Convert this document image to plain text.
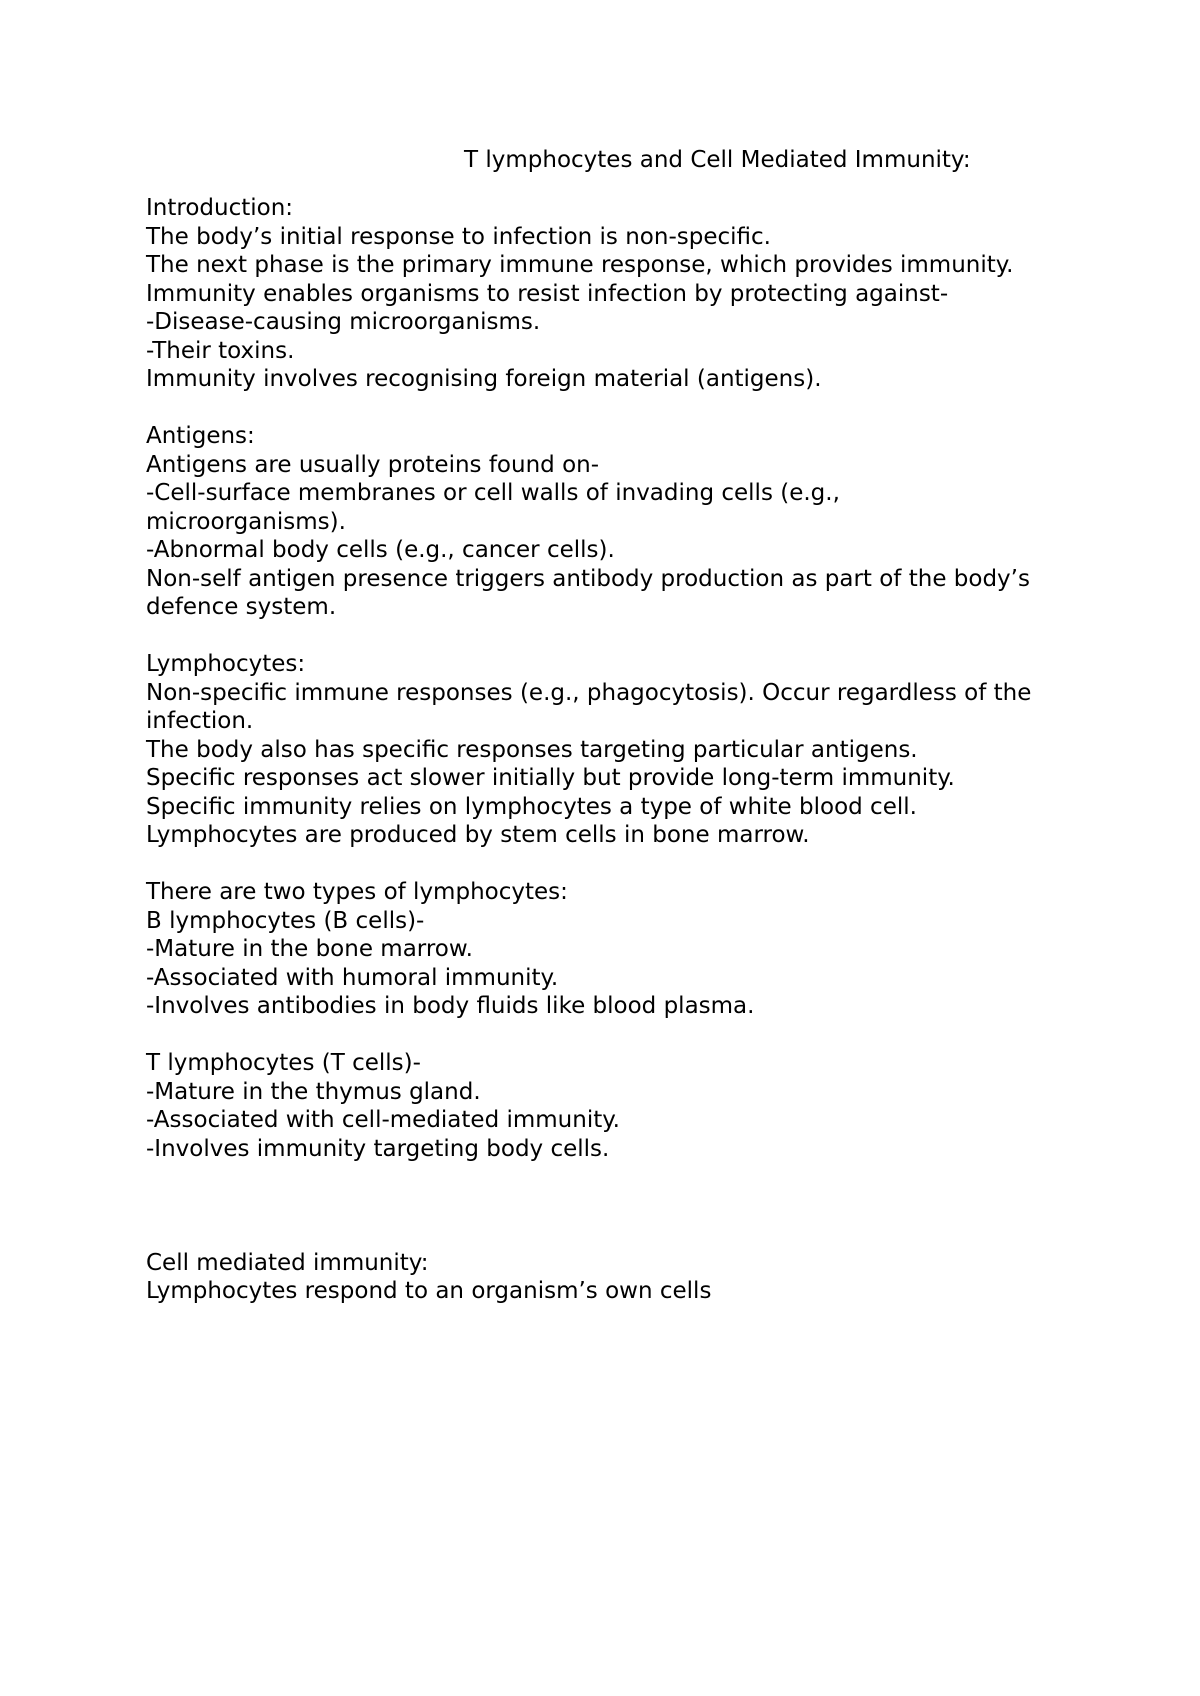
T lymphocytes and Cell Mediated Immunity:
Introduction:
The body’s initial response to infection is non-specific.
The next phase is the primary immune response, which provides immunity.
Immunity enables organisms to resist infection by protecting against-
-Disease-causing microorganisms.
-Their toxins.
Immunity involves recognising foreign material (antigens).
Antigens:
Antigens are usually proteins found on-
-Cell-surface membranes or cell walls of invading cells (e.g., microorganisms).
-Abnormal body cells (e.g., cancer cells).
Non-self antigen presence triggers antibody production as part of the body’s defence system.
Lymphocytes:
Non-specific immune responses (e.g., phagocytosis). Occur regardless of the infection.
The body also has specific responses targeting particular antigens.
Specific responses act slower initially but provide long-term immunity.
Specific immunity relies on lymphocytes a type of white blood cell.
Lymphocytes are produced by stem cells in bone marrow.
There are two types of lymphocytes:
B lymphocytes (B cells)-
-Mature in the bone marrow.
-Associated with humoral immunity.
-Involves antibodies in body fluids like blood plasma.
T lymphocytes (T cells)-
-Mature in the thymus gland.
-Associated with cell-mediated immunity.
-Involves immunity targeting body cells.
Cell mediated immunity:
Lymphocytes respond to an organism’s own cells
